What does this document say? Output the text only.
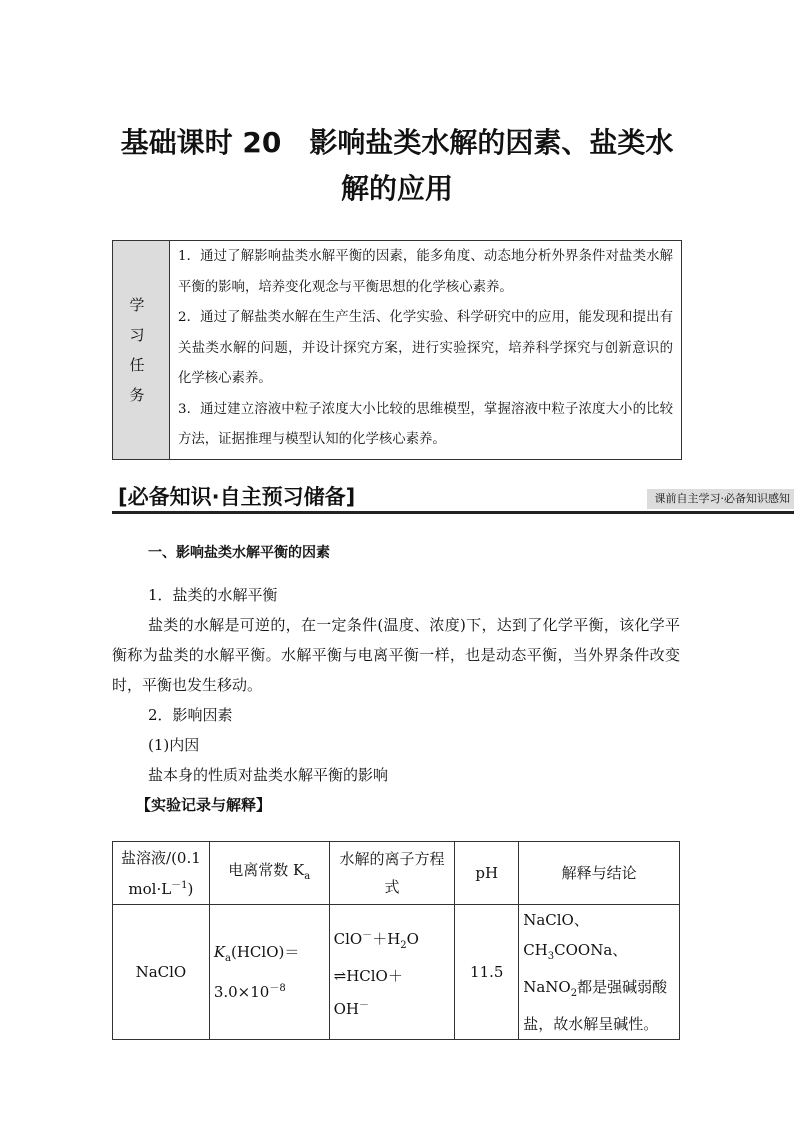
基础课时 20　影响盐类水解的因素、盐类水
解的应用
学习
任务

1．通过了解影响盐类水解平衡的因素，能多角度、动态地分析外界条件对盐类水解平衡的影响，培养变化观念与平衡思想的化学核心素养。

2．通过了解盐类水解在生产生活、化学实验、科学研究中的应用，能发现和提出有关盐类水解的问题，并设计探究方案，进行实验探究，培养科学探究与创新意识的化学核心素养。

3．通过建立溶液中粒子浓度大小比较的思维模型，掌握溶液中粒子浓度大小的比较方法，证据推理与模型认知的化学核心素养。

[必备知识·自主预习储备]	课前自主学习·必备知识感知

一、影响盐类水解平衡的因素

1．盐类的水解平衡

盐类的水解是可逆的，在一定条件(温度、浓度)下，达到了化学平衡，该化学平衡称为盐类的水解平衡。水解平衡与电离平衡一样，也是动态平衡，当外界条件改变时，平衡也发生移动。

2．影响因素

(1)内因

盐本身的性质对盐类水解平衡的影响

【实验记录与解释】

盐溶液/(0.1
$mol\cdot L^{-1}$)	电离常数 $K_a$	水解的离子方程式	pH	解释与结论
NaClO	$K_a(HClO)=$
$3.0\times 10^{-8}$	$ClO^-+H_2O$
⇌HClO＋
OH－	11.5	NaClO、$CH_3COONa$、
NaNO$_2$都是强碱弱酸
盐，故水解呈碱性。
